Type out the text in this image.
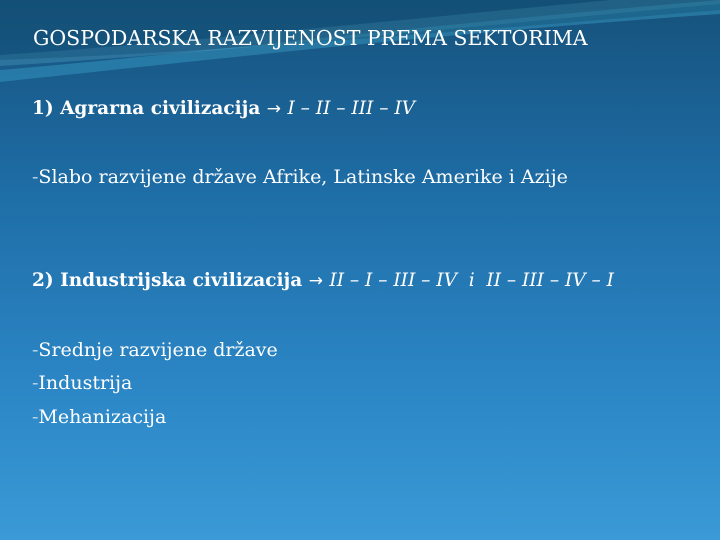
GOSPODARSKA RAZVIJENOST PREMA SEKTORIMA
1) Agrarna civilizacija → I – II – III – IV
-Slabo razvijene države Afrike, Latinske Amerike i Azije
2) Industrijska civilizacija → II – I – III – IV  i  II – III – IV – I
-Srednje razvijene države
-Industrija
-Mehanizacija
